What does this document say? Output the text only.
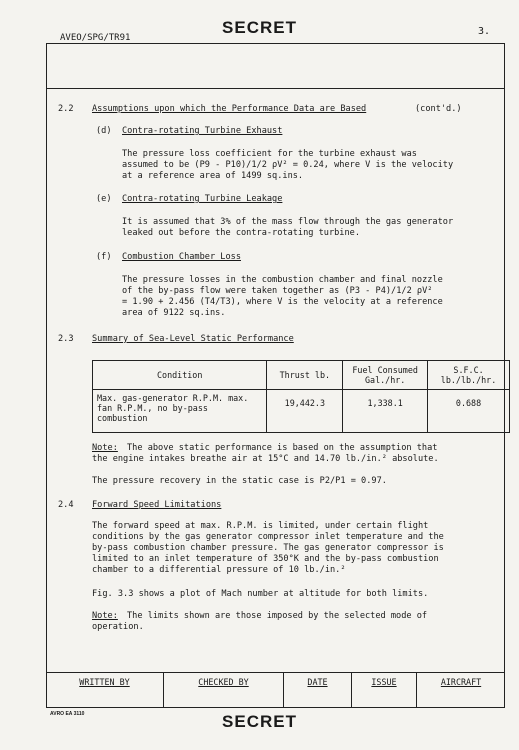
SECRET
AVEO/SPG/TR91
3.
2.2 Assumptions upon which the Performance Data are Based	(cont'd.)
(d) Contra-rotating Turbine Exhaust
The pressure loss coefficient for the turbine exhaust was
assumed to be (P9 - P10)/1/2 ρV² = 0.24, where V is the velocity
at a reference area of 1499 sq.ins.
(e) Contra-rotating Turbine Leakage
It is assumed that 3% of the mass flow through the gas generator
leaked out before the contra-rotating turbine.
(f) Combustion Chamber Loss
The pressure losses in the combustion chamber and final nozzle
of the by-pass flow were taken together as (P3 - P4)/1/2 ρV²
= 1.90 + 2.456 (T4/T3), where V is the velocity at a reference
area of 9122 sq.ins.
2.3 Summary of Sea-Level Static Performance
Condition	Thrust lb.	Fuel Consumed Gal./hr.	S.F.C. lb./lb./hr.
Max. gas-generator R.P.M. max. fan R.P.M., no by-pass combustion	19,442.3	1,338.1	0.688
Note: The above static performance is based on the assumption that
the engine intakes breathe air at 15°C and 14.70 lb./in.² absolute.
The pressure recovery in the static case is P2/P1 = 0.97.
2.4 Forward Speed Limitations
The forward speed at max. R.P.M. is limited, under certain flight
conditions by the gas generator compressor inlet temperature and the
by-pass combustion chamber pressure. The gas generator compressor is
limited to an inlet temperature of 350°K and the by-pass combustion
chamber to a differential pressure of 10 lb./in.²
Fig. 3.3 shows a plot of Mach number at altitude for both limits.
Note: The limits shown are those imposed by the selected mode of
operation.
WRITTEN BY	CHECKED BY	DATE	ISSUE	AIRCRAFT
AVRO EA 3110	SECRET
